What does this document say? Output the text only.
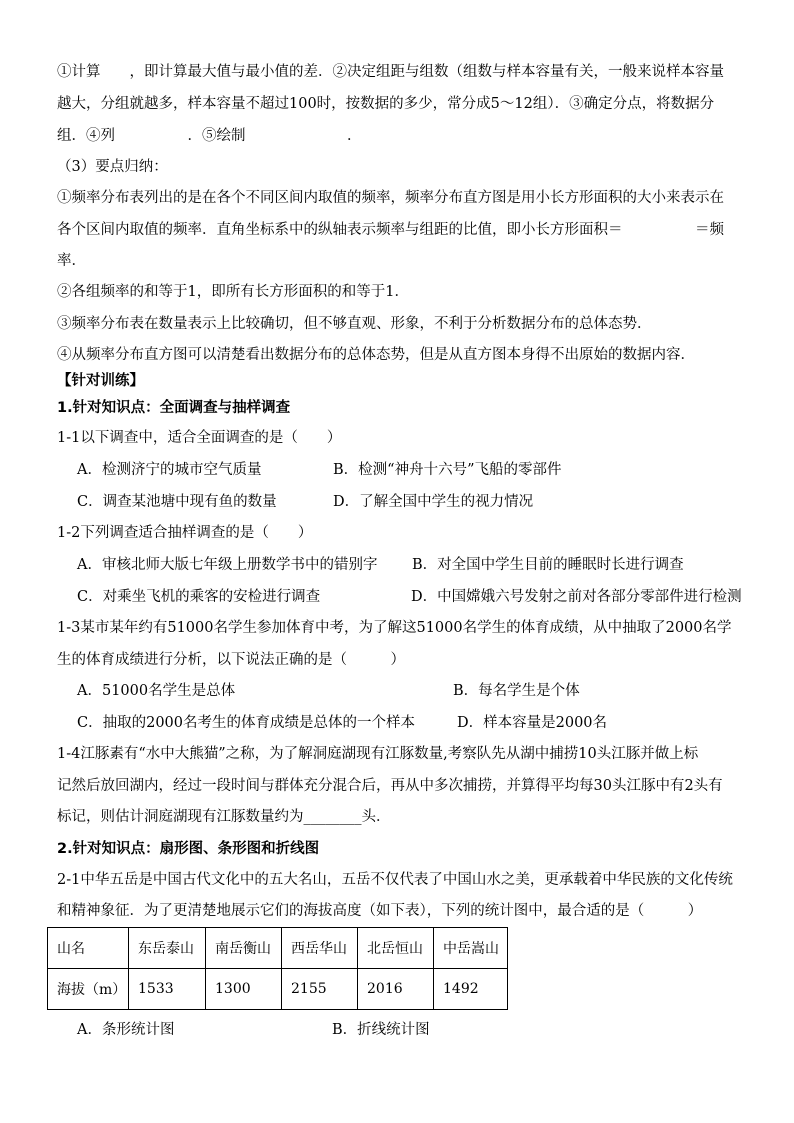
①计算　　，即计算最大值与最小值的差．②决定组距与组数（组数与样本容量有关，一般来说样本容量
越大，分组就越多，样本容量不超过100时，按数据的多少，常分成5～12组）．③确定分点，将数据分
组．④列　　　　　．⑤绘制　　　　　　　．
（3）要点归纳：
①频率分布表列出的是在各个不同区间内取值的频率，频率分布直方图是用小长方形面积的大小来表示在
各个区间内取值的频率．直角坐标系中的纵轴表示频率与组距的比值，即小长方形面积＝　　　　　＝频
率．
②各组频率的和等于1，即所有长方形面积的和等于1．
③频率分布表在数量表示上比较确切，但不够直观、形象，不利于分析数据分布的总体态势．
④从频率分布直方图可以清楚看出数据分布的总体态势，但是从直方图本身得不出原始的数据内容．
【针对训练】
1.针对知识点：全面调查与抽样调查
1-1以下调查中，适合全面调查的是（　　）
A．检测济宁的城市空气质量	B．检测“神舟十六号”飞船的零部件
C．调查某池塘中现有鱼的数量	D．了解全国中学生的视力情况
1-2下列调查适合抽样调查的是（　　）
A．审核北师大版七年级上册数学书中的错别字 B．对全国中学生目前的睡眠时长进行调查
C．对乘坐飞机的乘客的安检进行调查	D．中国嫦娥六号发射之前对各部分零部件进行检测
1-3某市某年约有51000名学生参加体育中考，为了解这51000名学生的体育成绩，从中抽取了2000名学
生的体育成绩进行分析，以下说法正确的是（　　　）
A．51000名学生是总体	B．每名学生是个体
C．抽取的2000名考生的体育成绩是总体的一个样本	D．样本容量是2000名
1-4江豚素有“水中大熊猫”之称，为了解洞庭湖现有江豚数量,考察队先从湖中捕捞10头江豚并做上标
记然后放回湖内，经过一段时间与群体充分混合后，再从中多次捕捞，并算得平均每30头江豚中有2头有
标记，则估计洞庭湖现有江豚数量约为________头．
2.针对知识点：扇形图、条形图和折线图
2-1中华五岳是中国古代文化中的五大名山，五岳不仅代表了中国山水之美，更承载着中华民族的文化传统
和精神象征．为了更清楚地展示它们的海拔高度（如下表），下列的统计图中，最合适的是（　　　）
山名	东岳泰山	南岳衡山	西岳华山	北岳恒山	中岳嵩山
海拔（m）	1533	1300	2155	2016	1492
A．条形统计图	B．折线统计图
